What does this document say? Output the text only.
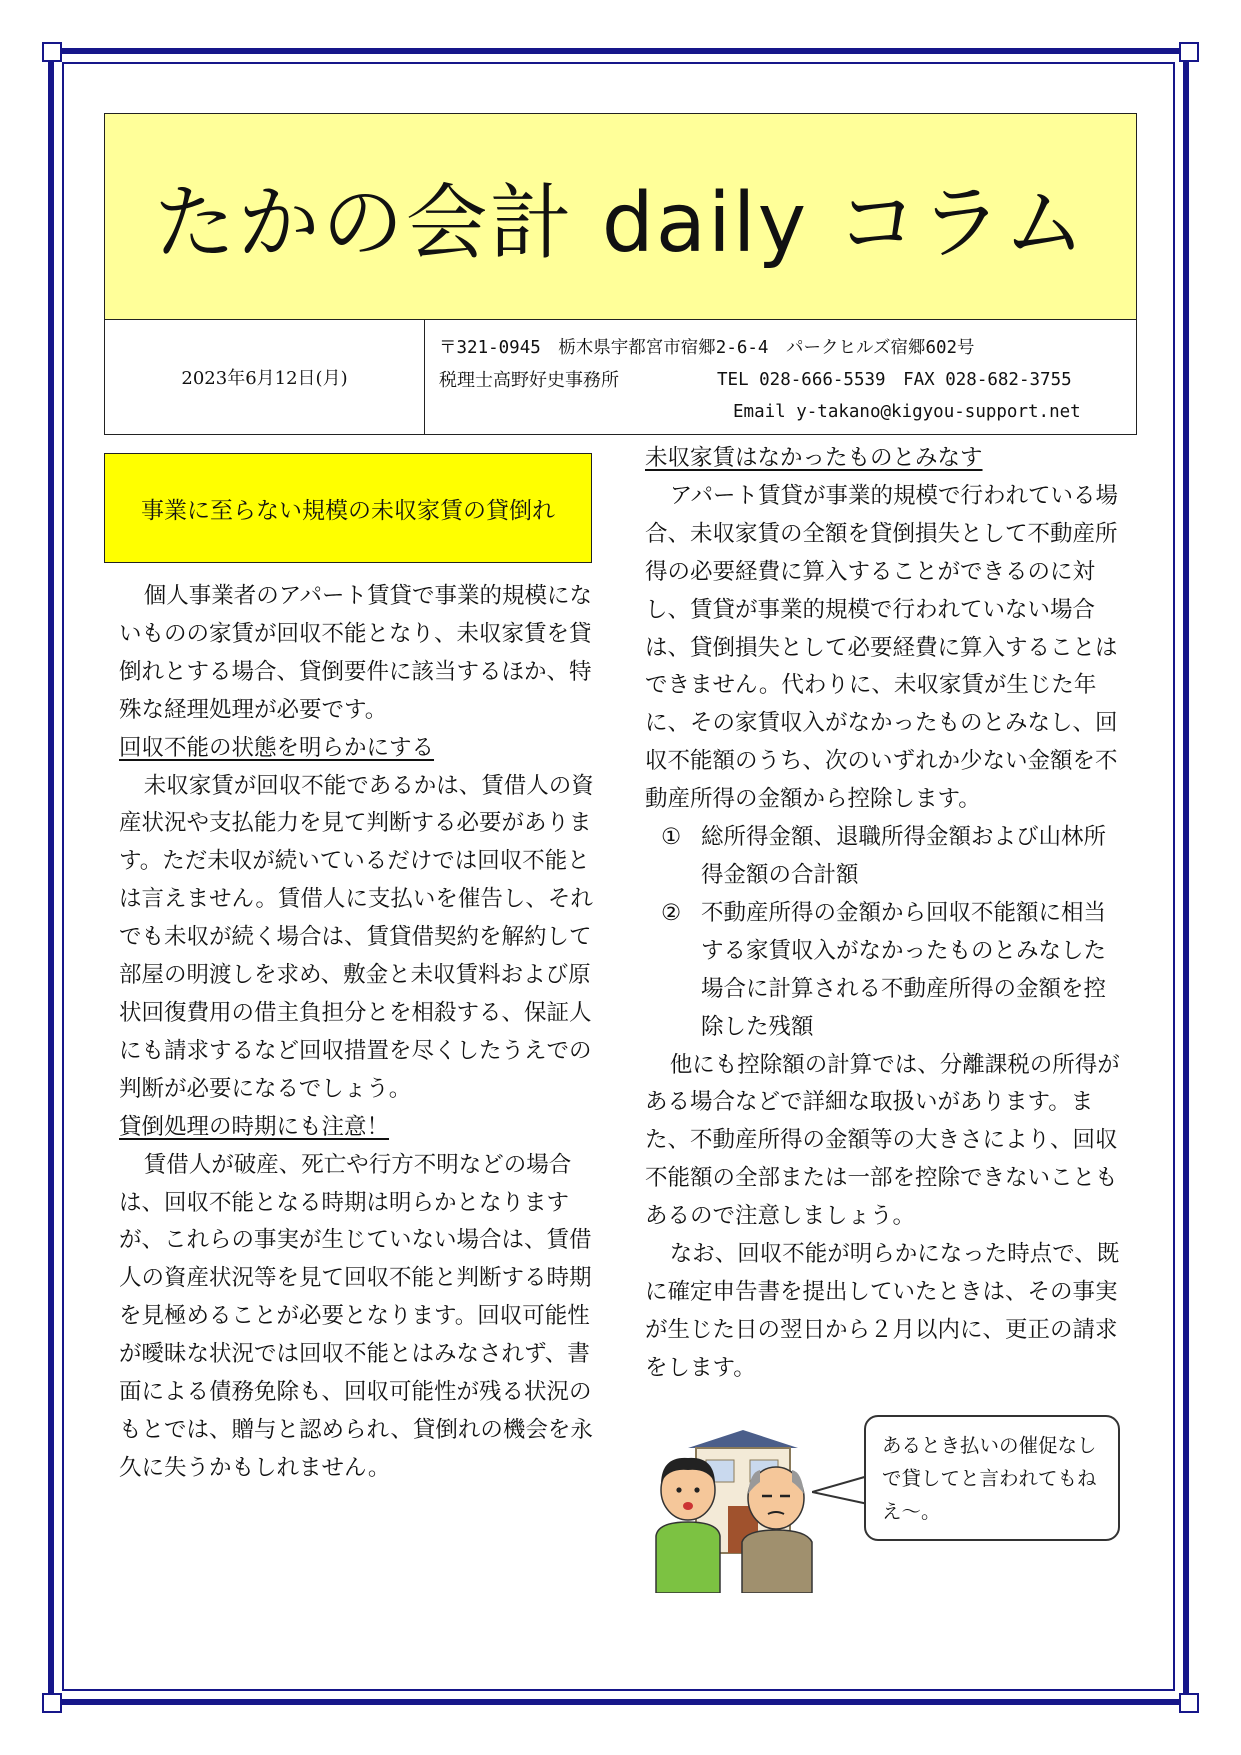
たかの会計 daily コラム
2023年6月12日(月)
〒321-0945　栃木県宇都宮市宿郷2-6-4　パークヒルズ宿郷602号
税理士高野好史事務所	TEL 028-666-5539　FAX 028-682-3755
Email y-takano@kigyou-support.net
事業に至らない規模の未収家賃の貸倒れ

個人事業者のアパート賃貸で事業的規模にないものの家賃が回収不能となり、未収家賃を貸倒れとする場合、貸倒要件に該当するほか、特殊な経理処理が必要です。

回収不能の状態を明らかにする

未収家賃が回収不能であるかは、賃借人の資産状況や支払能力を見て判断する必要があります。ただ未収が続いているだけでは回収不能とは言えません。賃借人に支払いを催告し、それでも未収が続く場合は、賃貸借契約を解約して部屋の明渡しを求め、敷金と未収賃料および原状回復費用の借主負担分とを相殺する、保証人にも請求するなど回収措置を尽くしたうえでの判断が必要になるでしょう。

貸倒処理の時期にも注意！

賃借人が破産、死亡や行方不明などの場合は、回収不能となる時期は明らかとなりますが、これらの事実が生じていない場合は、賃借人の資産状況等を見て回収不能と判断する時期を見極めることが必要となります。回収可能性が曖昧な状況では回収不能とはみなされず、書面による債務免除も、回収可能性が残る状況のもとでは、贈与と認められ、貸倒れの機会を永久に失うかもしれません。

未収家賃はなかったものとみなす

アパート賃貸が事業的規模で行われている場合、未収家賃の全額を貸倒損失として不動産所得の必要経費に算入することができるのに対し、賃貸が事業的規模で行われていない場合は、貸倒損失として必要経費に算入することはできません。代わりに、未収家賃が生じた年に、その家賃収入がなかったものとみなし、回収不能額のうち、次のいずれか少ない金額を不動産所得の金額から控除します。

① 総所得金額、退職所得金額および山林所得金額の合計額
② 不動産所得の金額から回収不能額に相当する家賃収入がなかったものとみなした場合に計算される不動産所得の金額を控除した残額

他にも控除額の計算では、分離課税の所得がある場合などで詳細な取扱いがあります。また、不動産所得の金額等の大きさにより、回収不能額の全部または一部を控除できないこともあるので注意しましょう。

なお、回収不能が明らかになった時点で、既に確定申告書を提出していたときは、その事実が生じた日の翌日から２月以内に、更正の請求をします。

あるとき払いの催促なしで貸してと言われてもねえ～。
